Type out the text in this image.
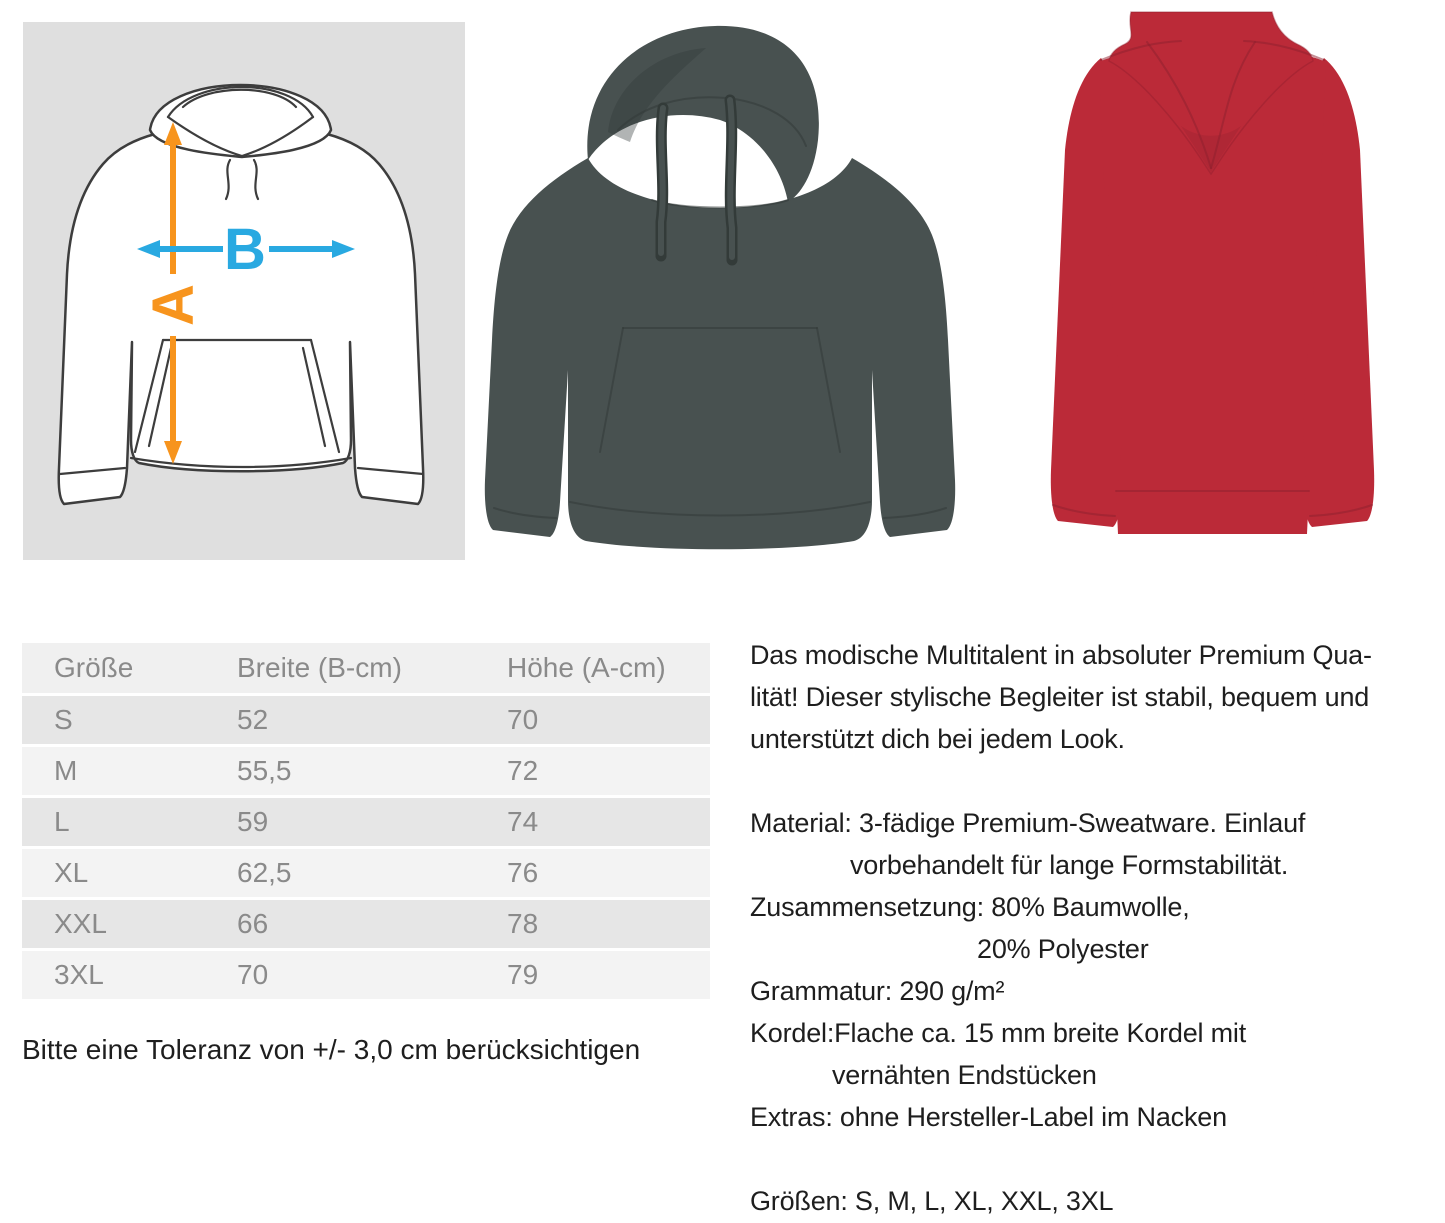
A
B
Größe	Breite (B-cm)	Höhe (A-cm)
S	52	70
M	55,5	72
L	59	74
XL	62,5	76
XXL	66	78
3XL	70	79
Bitte eine Toleranz von +/- 3,0 cm berücksichtigen

Das modische Multitalent in absoluter Premium Qua-

lität! Dieser stylische Begleiter ist stabil, bequem und

unterstützt dich bei jedem Look.

Material: 3-fädige Premium-Sweatware. Einlauf

vorbehandelt für lange Formstabilität.

Zusammensetzung: 80% Baumwolle,

20% Polyester

Grammatur: 290 g/m²

Kordel:Flache ca. 15 mm breite Kordel mit

vernähten Endstücken

Extras: ohne Hersteller-Label im Nacken

Größen: S, M, L, XL, XXL, 3XL
